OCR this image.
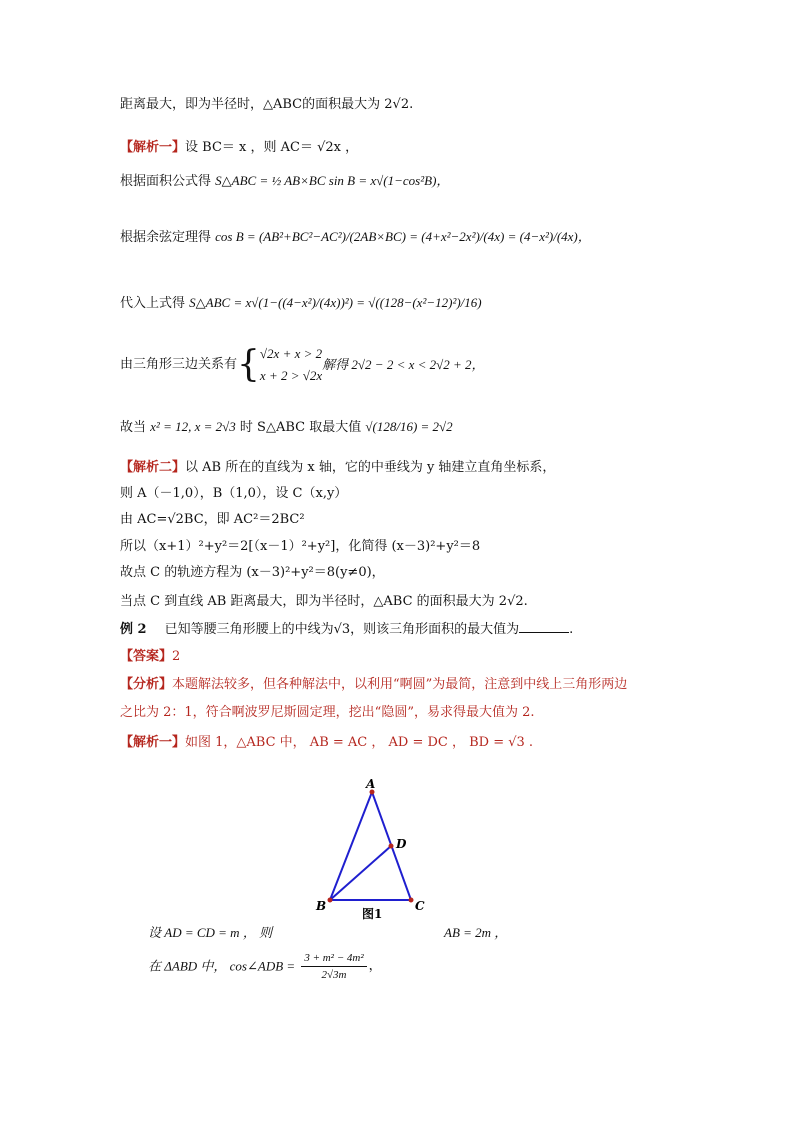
距离最大，即为半径时，△ABC的面积最大为 2√2.
【解析一】设 BC＝ x ，则 AC＝ √2x ，
根据面积公式得 S△ABC = ½ AB×BC sin B = x√(1−cos²B)，
根据余弦定理得 cos B = (AB²+BC²−AC²)/(2AB×BC) = (4+x²−2x²)/(4x) = (4−x²)/(4x)，
代入上式得 S△ABC = x√(1−((4−x²)/(4x))²) = √((128−(x²−12)²)/16)
由三角形三边关系有{ √2x + x > 2
x + 2 > √2x
解得 2√2 − 2 < x < 2√2 + 2，
故当 x² = 12, x = 2√3 时 S△ABC 取最大值 √(128/16) = 2√2
【解析二】以 AB 所在的直线为 x 轴，它的中垂线为 y 轴建立直角坐标系，
则 A（－1,0），B（1,0），设 C（x,y）
由 AC=√2BC，即 AC²＝2BC²
所以（x+1）²+y²＝2[（x－1）²+y²]，化简得 (x－3)²+y²＝8
故点 C 的轨迹方程为 (x－3)²+y²＝8(y≠0)，
当点 C 到直线 AB 距离最大，即为半径时，△ABC 的面积最大为 2√2.
例 2 已知等腰三角形腰上的中线为√3，则该三角形面积的最大值为	.
【答案】2
【分析】本题解法较多，但各种解法中，以利用“啊圆”为最简，注意到中线上三角形两边
之比为 2：1，符合啊波罗尼斯圆定理，挖出“隐圆”，易求得最大值为 2.
【解析一】如图 1，△ABC 中， AB = AC ， AD = DC ， BD = √3 .
A
B	C
D
图1
设 AD = CD = m ， 则	AB = 2m ，
在 ΔABD 中， cos∠ADB = $\frac{\text{3 + m² − 4m²}}{2√3m}$ ，
